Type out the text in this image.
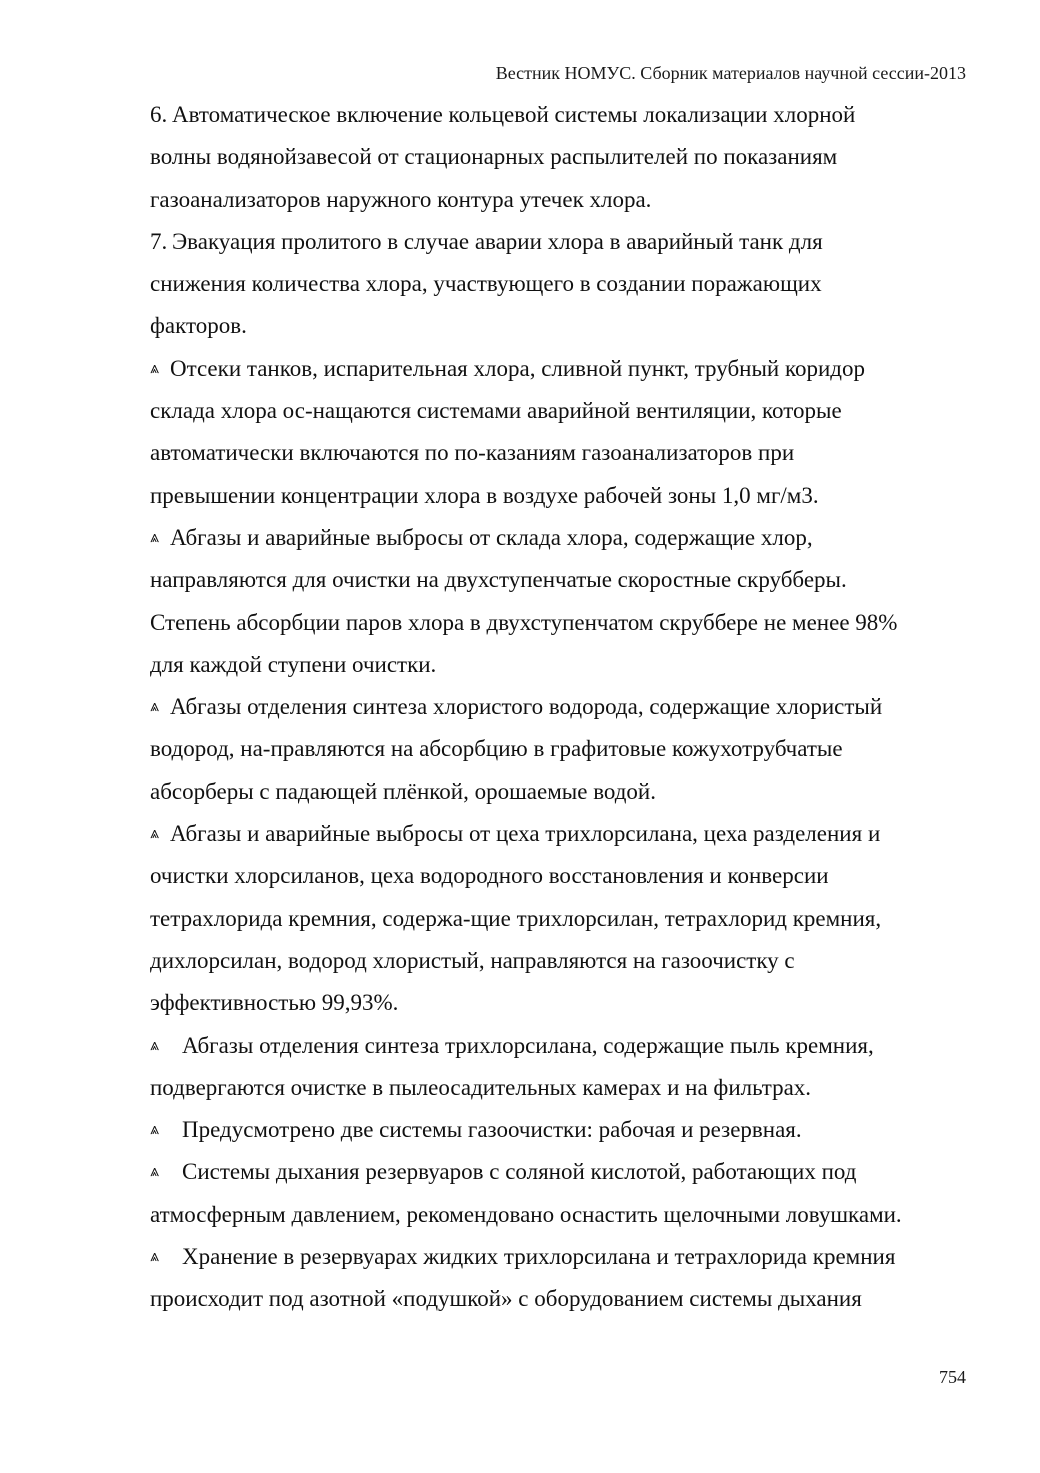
Вестник НОМУС. Сборник материалов научной сессии-2013
6. Автоматическое включение кольцевой системы локализации хлорной
волны водянойзавесой от стационарных распылителей по показаниям
газоанализаторов наружного контура утечек хлора.
7. Эвакуация пролитого в случае аварии хлора в аварийный танк для
снижения количества хлора, участвующего в создании поражающих
факторов.
⩓ Отсеки танков, испарительная хлора, сливной пункт, трубный коридор
склада хлора ос-нащаются системами аварийной вентиляции, которые
автоматически включаются по по-казаниям газоанализаторов при
превышении концентрации хлора в воздухе рабочей зоны 1,0 мг/м3.
⩓ Абгазы и аварийные выбросы от склада хлора, содержащие хлор,
направляются для очистки на двухступенчатые скоростные скрубберы.
Степень абсорбции паров хлора в двухступенчатом скруббере не менее 98%
для каждой ступени очистки.
⩓ Абгазы отделения синтеза хлористого водорода, содержащие хлористый
водород, на-правляются на абсорбцию в графитовые кожухотрубчатые
абсорберы с падающей плёнкой, орошаемые водой.
⩓ Абгазы и аварийные выбросы от цеха трихлорсилана, цеха разделения и
очистки хлорсиланов, цеха водородного восстановления и конверсии
тетрахлорида кремния, содержа-щие трихлорсилан, тетрахлорид кремния,
дихлорсилан, водород хлористый, направляются на газоочистку с
эффективностью 99,93%.
⩓ Абгазы отделения синтеза трихлорсилана, содержащие пыль кремния,
подвергаются очистке в пылеосадительных камерах и на фильтрах.
⩓ Предусмотрено две системы газоочистки: рабочая и резервная.
⩓ Системы дыхания резервуаров с соляной кислотой, работающих под
атмосферным давлением, рекомендовано оснастить щелочными ловушками.
⩓ Хранение в резервуарах жидких трихлорсилана и тетрахлорида кремния
происходит под азотной «подушкой» с оборудованием системы дыхания
754
